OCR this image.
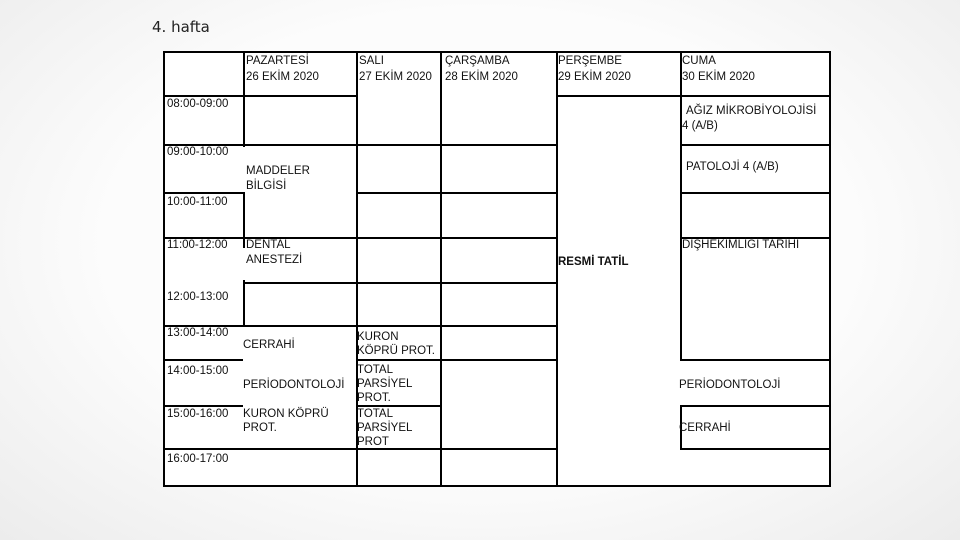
4. hafta
PAZARTESİ
26 EKİM 2020
SALI
27 EKİM 2020
ÇARŞAMBA
28 EKİM 2020
PERŞEMBE
29 EKİM 2020
CUMA
30 EKİM 2020
08:00-09:00
09:00-10:00
10:00-11:00
11:00-12:00
12:00-13:00
13:00-14:00
14:00-15:00
15:00-16:00
16:00-17:00
MADDELER
BİLGİSİ
DENTAL
ANESTEZİ
CERRAHİ
PERİODONTOLOJİ
KURON KÖPRÜ
PROT.
KURON
KÖPRÜ PROT.
TOTAL
PARSİYEL
PROT.
TOTAL
PARSİYEL
PROT
RESMİ TATİL
AĞIZ MİKROBİYOLOJİSİ
4 (A/B)
PATOLOJİ 4 (A/B)
DİŞHEKİMLİĞİ TARİHİ
PERİODONTOLOJİ
CERRAHİ
